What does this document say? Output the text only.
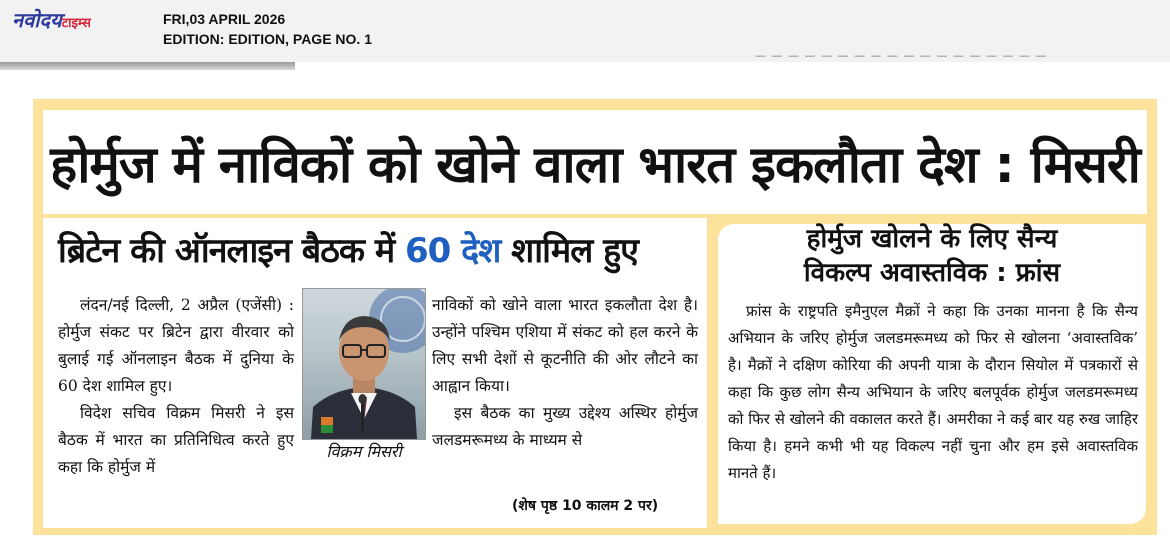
नवोदयटाइम्स	FRI,03 APRIL 2026
EDITION: EDITION, PAGE NO. 1
— — — — — — — — — — — — — — — — — —
होर्मुज में नाविकों को खोने वाला भारत इकलौता देश : मिसरी
ब्रिटेन की ऑनलाइन बैठक में 60 देश शामिल हुए

लंदन/नई दिल्ली, 2 अप्रैल (एजेंसी) : होर्मुज संकट पर ब्रिटेन द्वारा वीरवार को बुलाई गई ऑनलाइन बैठक में दुनिया के 60 देश शामिल हुए।

विदेश सचिव विक्रम मिसरी ने इस बैठक में भारत का प्रतिनिधित्व करते हुए कहा कि होर्मुज में

विक्रम मिसरी

नाविकों को खोने वाला भारत इकलौता देश है। उन्होंने पश्चिम एशिया में संकट को हल करने के लिए सभी देशों से कूटनीति की ओर लौटने का आह्वान किया।

इस बैठक का मुख्य उद्देश्य अस्थिर होर्मुज जलडमरूमध्य के माध्यम से

(शेष पृष्ठ 10 कालम 2 पर)
होर्मुज खोलने के लिए सैन्य
विकल्प अवास्तविक : फ्रांस

फ्रांस के राष्ट्रपति इमैनुएल मैक्रों ने कहा कि उनका मानना है कि सैन्य अभियान के जरिए होर्मुज जलडमरूमध्य को फिर से खोलना ‘अवास्तविक’ है। मैक्रों ने दक्षिण कोरिया की अपनी यात्रा के दौरान सियोल में पत्रकारों से कहा कि कुछ लोग सैन्य अभियान के जरिए बलपूर्वक होर्मुज जलडमरूमध्य को फिर से खोलने की वकालत करते हैं। अमरीका ने कई बार यह रुख जाहिर किया है। हमने कभी भी यह विकल्प नहीं चुना और हम इसे अवास्तविक मानते हैं।
